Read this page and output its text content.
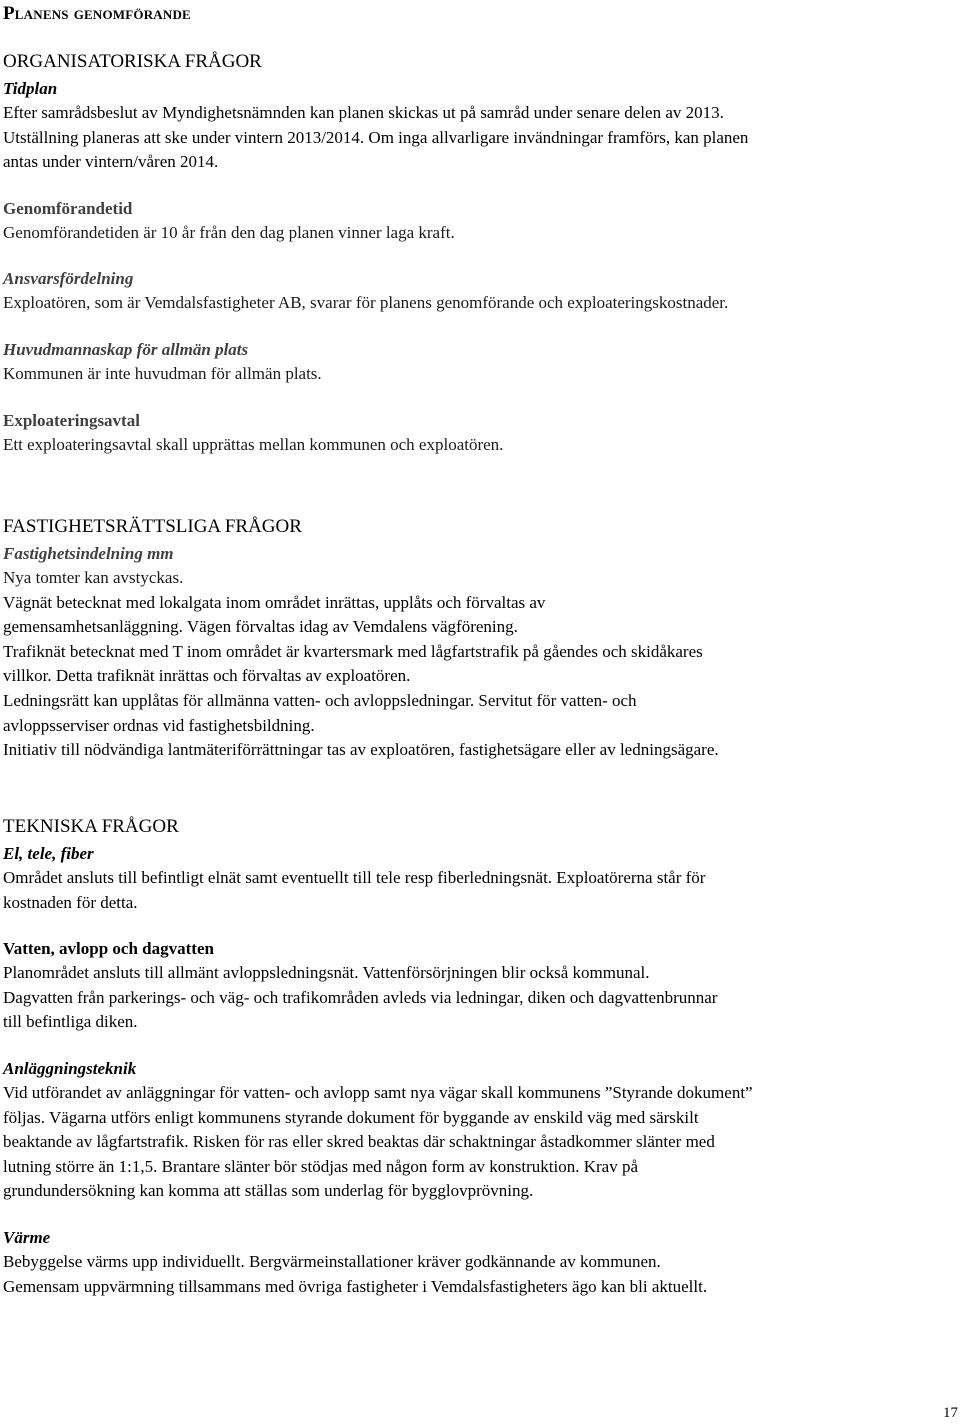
Planens genomförande
ORGANISATORISKA FRÅGOR
Tidplan

Efter samrådsbeslut av Myndighetsnämnden kan planen skickas ut på samråd under senare delen av 2013.

Utställning planeras att ske under vintern 2013/2014. Om inga allvarligare invändningar framförs, kan planen

antas under vintern/våren 2014.

Genomförandetid

Genomförandetiden är 10 år från den dag planen vinner laga kraft.

Ansvarsfördelning

Exploatören, som är Vemdalsfastigheter AB, svarar för planens genomförande och exploateringskostnader.

Huvudmannaskap för allmän plats

Kommunen är inte huvudman för allmän plats.

Exploateringsavtal

Ett exploateringsavtal skall upprättas mellan kommunen och exploatören.

FASTIGHETSRÄTTSLIGA FRÅGOR
Fastighetsindelning mm

Nya tomter kan avstyckas.

Vägnät betecknat med lokalgata inom området inrättas, upplåts och förvaltas av

gemensamhetsanläggning. Vägen förvaltas idag av Vemdalens vägförening.

Trafiknät betecknat med T inom området är kvartersmark med lågfartstrafik på gåendes och skidåkares

villkor. Detta trafiknät inrättas och förvaltas av exploatören.

Ledningsrätt kan upplåtas för allmänna vatten- och avloppsledningar. Servitut för vatten- och

avloppsserviser ordnas vid fastighetsbildning.

Initiativ till nödvändiga lantmäteriförrättningar tas av exploatören, fastighetsägare eller av ledningsägare.

TEKNISKA FRÅGOR
El, tele, fiber

Området ansluts till befintligt elnät samt eventuellt till tele resp fiberledningsnät. Exploatörerna står för

kostnaden för detta.

Vatten, avlopp och dagvatten

Planområdet ansluts till allmänt avloppsledningsnät. Vattenförsörjningen blir också kommunal.

Dagvatten från parkerings- och väg- och trafikområden avleds via ledningar, diken och dagvattenbrunnar

till befintliga diken.

Anläggningsteknik

Vid utförandet av anläggningar för vatten- och avlopp samt nya vägar skall kommunens ”Styrande dokument”

följas. Vägarna utförs enligt kommunens styrande dokument för byggande av enskild väg med särskilt

beaktande av lågfartstrafik. Risken för ras eller skred beaktas där schaktningar åstadkommer slänter med

lutning större än 1:1,5. Brantare slänter bör stödjas med någon form av konstruktion. Krav på

grundundersökning kan komma att ställas som underlag för bygglovprövning.

Värme

Bebyggelse värms upp individuellt. Bergvärmeinstallationer kräver godkännande av kommunen.

Gemensam uppvärmning tillsammans med övriga fastigheter i Vemdalsfastigheters ägo kan bli aktuellt.

17
